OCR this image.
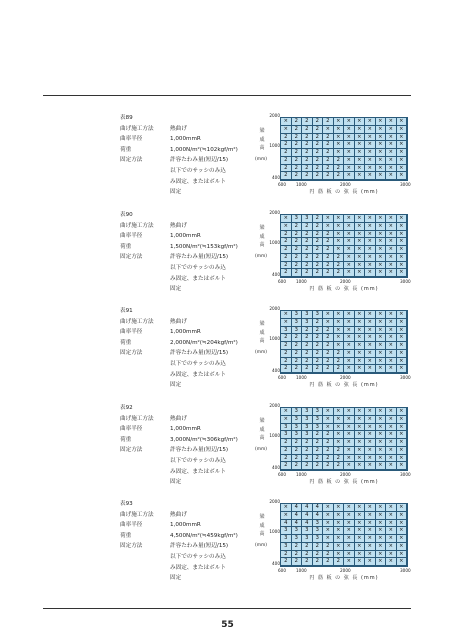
表89
曲げ施工方法	熱曲げ
曲率半径	1,000mmR
荷重	1,000N/m²(≒102kgf/m²)
固定方法	許容たわみ量(短辺/15)
以下でのサッシのみ込
み固定、またはボルト
固定
2000
1000
400
梁
成
高
(mm)
×	2	2	2	2	×	×	×	×	×	×	×
×	2	2	2	×	×	×	×	×	×	×	×
2	2	2	2	2	×	×	×	×	×	×	×
2	2	2	2	2	×	×	×	×	×	×	×
2	2	2	2	2	×	×	×	×	×	×	×
2	2	2	2	2	2	×	×	×	×	×	×
2	2	2	2	2	2	×	×	×	×	×	×
2	2	2	2	2	2	×	×	×	×	×	×
600 1000	2000	3000
円 筋 板 の 弦 長 (mm)
表90
曲げ施工方法	熱曲げ
曲率半径	1,000mmR
荷重	1,500N/m²(≒153kgf/m²)
固定方法	許容たわみ量(短辺/15)
以下でのサッシのみ込
み固定、またはボルト
固定
2000
1000
400
梁
成
高
(mm)
×	3	3	2	×	×	×	×	×	×	×	×
×	2	2	2	×	×	×	×	×	×	×	×
2	2	2	2	2	×	×	×	×	×	×	×
2	2	2	2	2	×	×	×	×	×	×	×
2	2	2	2	2	×	×	×	×	×	×	×
2	2	2	2	2	2	×	×	×	×	×	×
2	2	2	2	2	2	×	×	×	×	×	×
2	2	2	2	2	2	×	×	×	×	×	×
600 1000	2000	3000
円 筋 板 の 弦 長 (mm)
表91
曲げ施工方法	熱曲げ
曲率半径	1,000mmR
荷重	2,000N/m²(≒204kgf/m²)
固定方法	許容たわみ量(短辺/15)
以下でのサッシのみ込
み固定、またはボルト
固定
2000
1000
400
梁
成
高
(mm)
×	3	3	3	×	×	×	×	×	×	×	×
×	3	3	2	×	×	×	×	×	×	×	×
3	3	2	2	2	×	×	×	×	×	×	×
2	2	2	2	2	×	×	×	×	×	×	×
2	2	2	2	2	×	×	×	×	×	×	×
2	2	2	2	2	2	×	×	×	×	×	×
2	2	2	2	2	2	×	×	×	×	×	×
2	2	2	2	2	2	×	×	×	×	×	×
600 1000	2000	3000
円 筋 板 の 弦 長 (mm)
表92
曲げ施工方法	熱曲げ
曲率半径	1,000mmR
荷重	3,000N/m²(≒306kgf/m²)
固定方法	許容たわみ量(短辺/15)
以下でのサッシのみ込
み固定、またはボルト
固定
2000
1000
400
梁
成
高
(mm)
×	3	3	3	×	×	×	×	×	×	×	×
×	3	3	3	×	×	×	×	×	×	×	×
3	3	3	3	×	×	×	×	×	×	×	×
3	3	3	2	2	×	×	×	×	×	×	×
2	2	2	2	2	×	×	×	×	×	×	×
2	2	2	2	2	2	×	×	×	×	×	×
2	2	2	2	2	2	×	×	×	×	×	×
2	2	2	2	2	2	×	×	×	×	×	×
600 1000	2000	3000
円 筋 板 の 弦 長 (mm)
表93
曲げ施工方法	熱曲げ
曲率半径	1,000mmR
荷重	4,500N/m²(≒459kgf/m²)
固定方法	許容たわみ量(短辺/15)
以下でのサッシのみ込
み固定、またはボルト
固定
2000
1000
400
梁
成
高
(mm)
×	4	4	4	×	×	×	×	×	×	×	×
×	4	4	4	×	×	×	×	×	×	×	×
4	4	4	3	×	×	×	×	×	×	×	×
3	3	3	3	×	×	×	×	×	×	×	×
3	3	3	3	×	×	×	×	×	×	×	×
3	2	2	2	2	×	×	×	×	×	×	×
2	2	2	2	2	×	×	×	×	×	×	×
2	2	2	2	2	2	×	×	×	×	×	×
600 1000	2000	3000
円 筋 板 の 弦 長 (mm)
55
